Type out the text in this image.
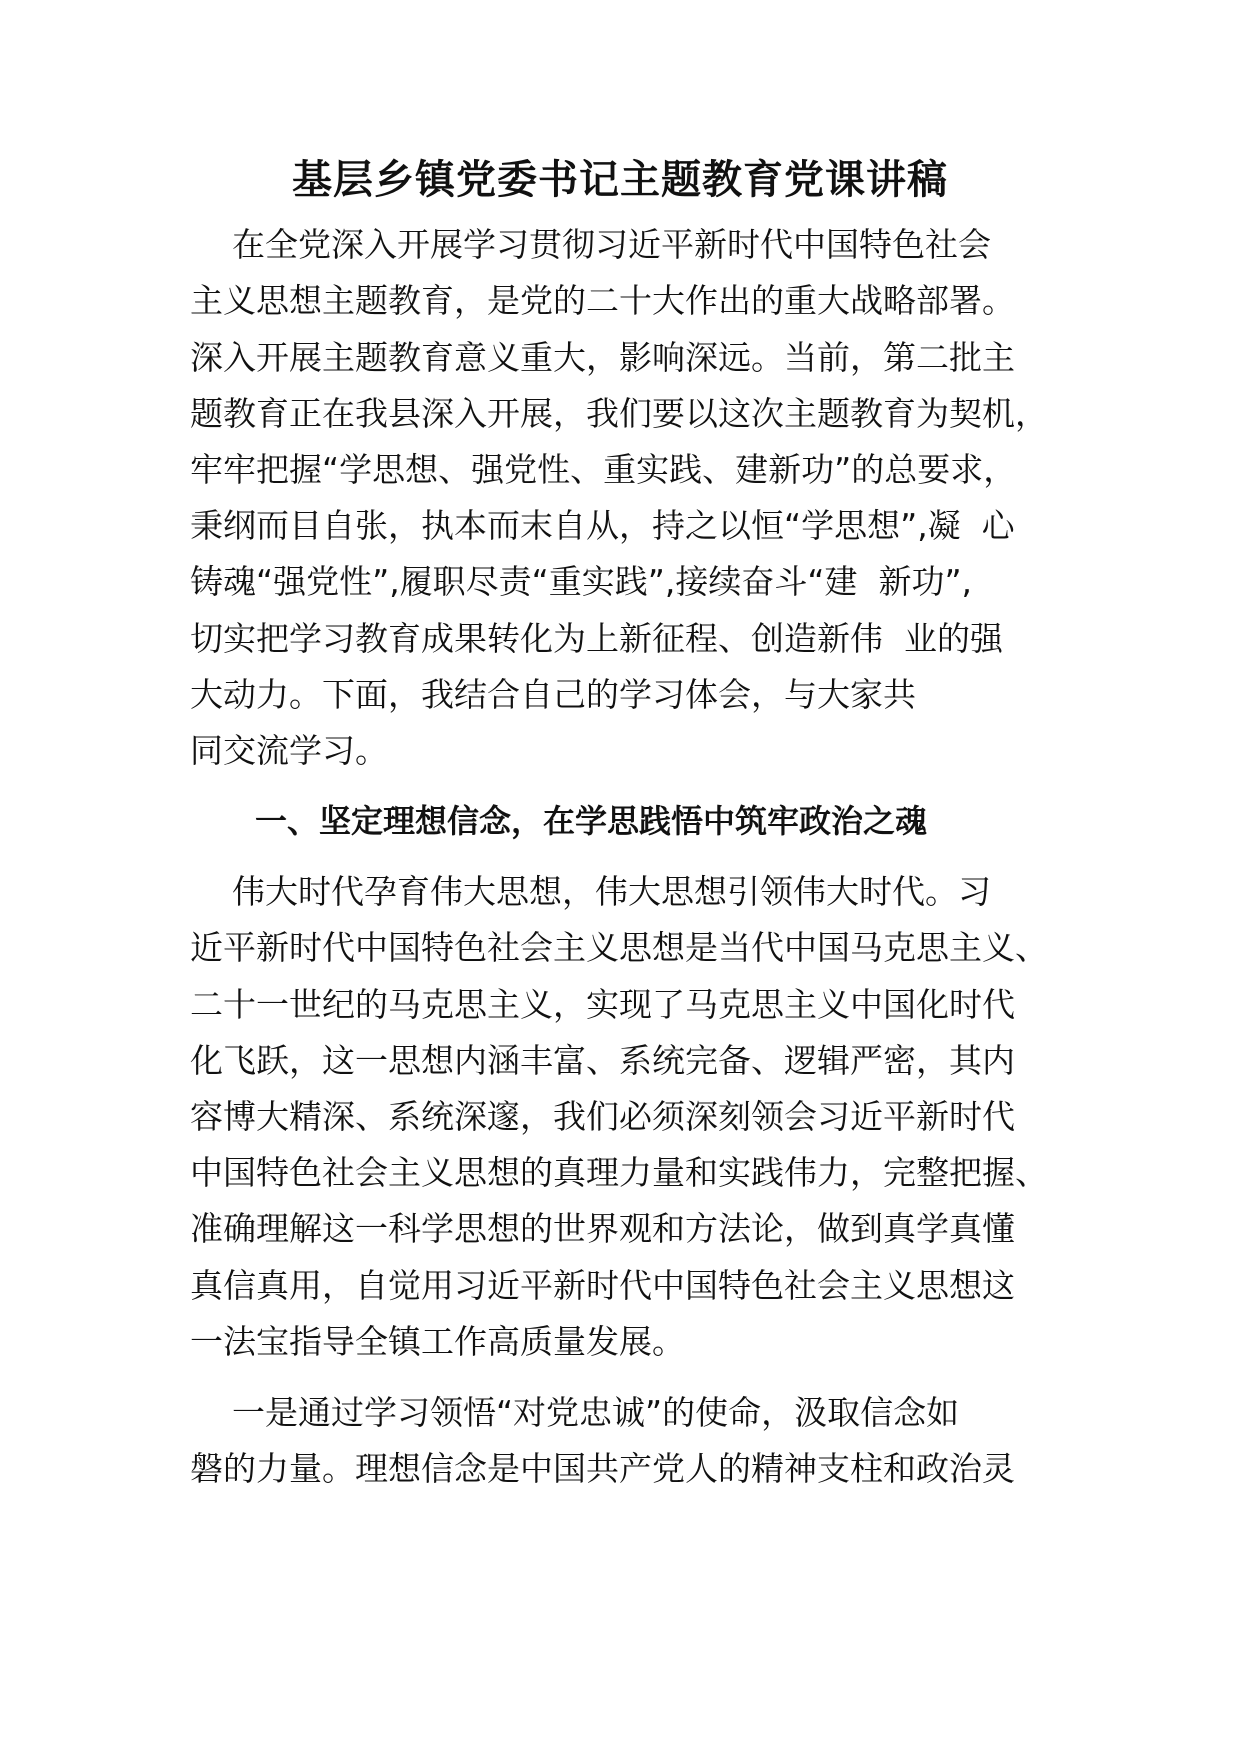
基层乡镇党委书记主题教育党课讲稿
在全党深入开展学习贯彻习近平新时代中国特色社会
主义思想主题教育，是党的二十大作出的重大战略部署。
深入开展主题教育意义重大，影响深远。当前，第二批主
题教育正在我县深入开展，我们要以这次主题教育为契机，
牢牢把握“学思想、强党性、重实践、建新功”的总要求，
秉纲而目自张，执本而末自从，持之以恒“学思想”,凝  心
铸魂“强党性”,履职尽责“重实践”,接续奋斗“建  新功”,
切实把学习教育成果转化为上新征程、创造新伟  业的强
大动力。下面，我结合自己的学习体会，与大家共
同交流学习。
一、坚定理想信念，在学思践悟中筑牢政治之魂
伟大时代孕育伟大思想，伟大思想引领伟大时代。习
近平新时代中国特色社会主义思想是当代中国马克思主义、
二十一世纪的马克思主义，实现了马克思主义中国化时代
化飞跃，这一思想内涵丰富、系统完备、逻辑严密，其内
容博大精深、系统深邃，我们必须深刻领会习近平新时代
中国特色社会主义思想的真理力量和实践伟力，完整把握、
准确理解这一科学思想的世界观和方法论，做到真学真懂
真信真用，自觉用习近平新时代中国特色社会主义思想这
一法宝指导全镇工作高质量发展。
一是通过学习领悟“对党忠诚”的使命，汲取信念如
磐的力量。理想信念是中国共产党人的精神支柱和政治灵
